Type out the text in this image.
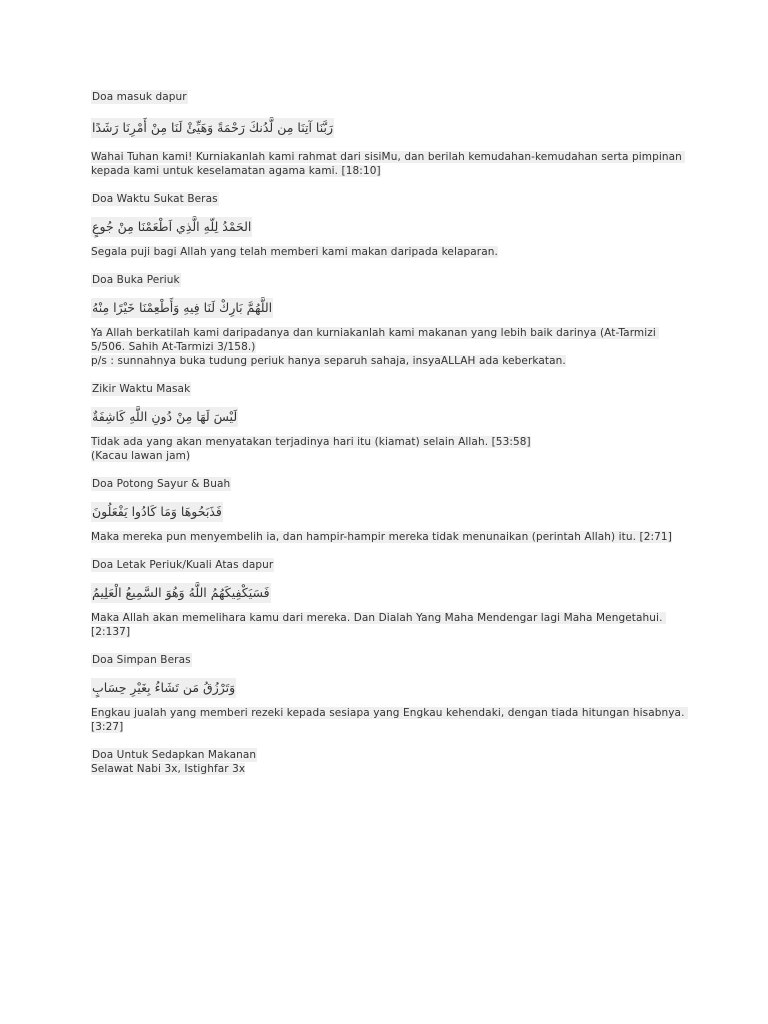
Doa masuk dapur
رَبَّنَا آتِنَا مِن لَّدُنكَ رَحْمَةً وَهَيِّئْ لَنَا مِنْ أَمْرِنَا رَشَدًا
Wahai Tuhan kami! Kurniakanlah kami rahmat dari sisiMu, dan berilah kemudahan-kemudahan serta pimpinan kepada kami untuk keselamatan agama kami. [18:10]
Doa Waktu Sukat Beras
الحَمْدُ لِلّهِ الَّذِي اَطْعَمْنَا مِنْ جُوعٍ
Segala puji bagi Allah yang telah memberi kami makan daripada kelaparan.
Doa Buka Periuk
اللَّهُمَّ بَارِكْ لَنَا فِيهِ وَأَطْعِمْنَا خَيْرًا مِنْهُ
Ya Allah berkatilah kami daripadanya dan kurniakanlah kami makanan yang lebih baik darinya (At-Tarmizi 5/506. Sahih At-Tarmizi 3/158.)
p/s : sunnahnya buka tudung periuk hanya separuh sahaja, insyaALLAH ada keberkatan.
Zikir Waktu Masak
لَيْسَ لَهَا مِنْ دُونِ اللَّهِ كَاشِفَةٌ
Tidak ada yang akan menyatakan terjadinya hari itu (kiamat) selain Allah. [53:58]
(Kacau lawan jam)
Doa Potong Sayur & Buah
فَذَبَحُوهَا وَمَا كَادُوا يَفْعَلُونَ
Maka mereka pun menyembelih ia, dan hampir-hampir mereka tidak menunaikan (perintah Allah) itu. [2:71]
Doa Letak Periuk/Kuali Atas dapur
فَسَيَكْفِيكَهُمُ اللَّهُ وَهُوَ السَّمِيعُ الْعَلِيمُ
Maka Allah akan memelihara kamu dari mereka. Dan Dialah Yang Maha Mendengar lagi Maha Mengetahui. [2:137]
Doa Simpan Beras
وَتَرْزُقُ مَن تَشَاءُ بِغَيْرِ حِسَابٍ
Engkau jualah yang memberi rezeki kepada sesiapa yang Engkau kehendaki, dengan tiada hitungan hisabnya. [3:27]
Doa Untuk Sedapkan Makanan
Selawat Nabi 3x, Istighfar 3x
